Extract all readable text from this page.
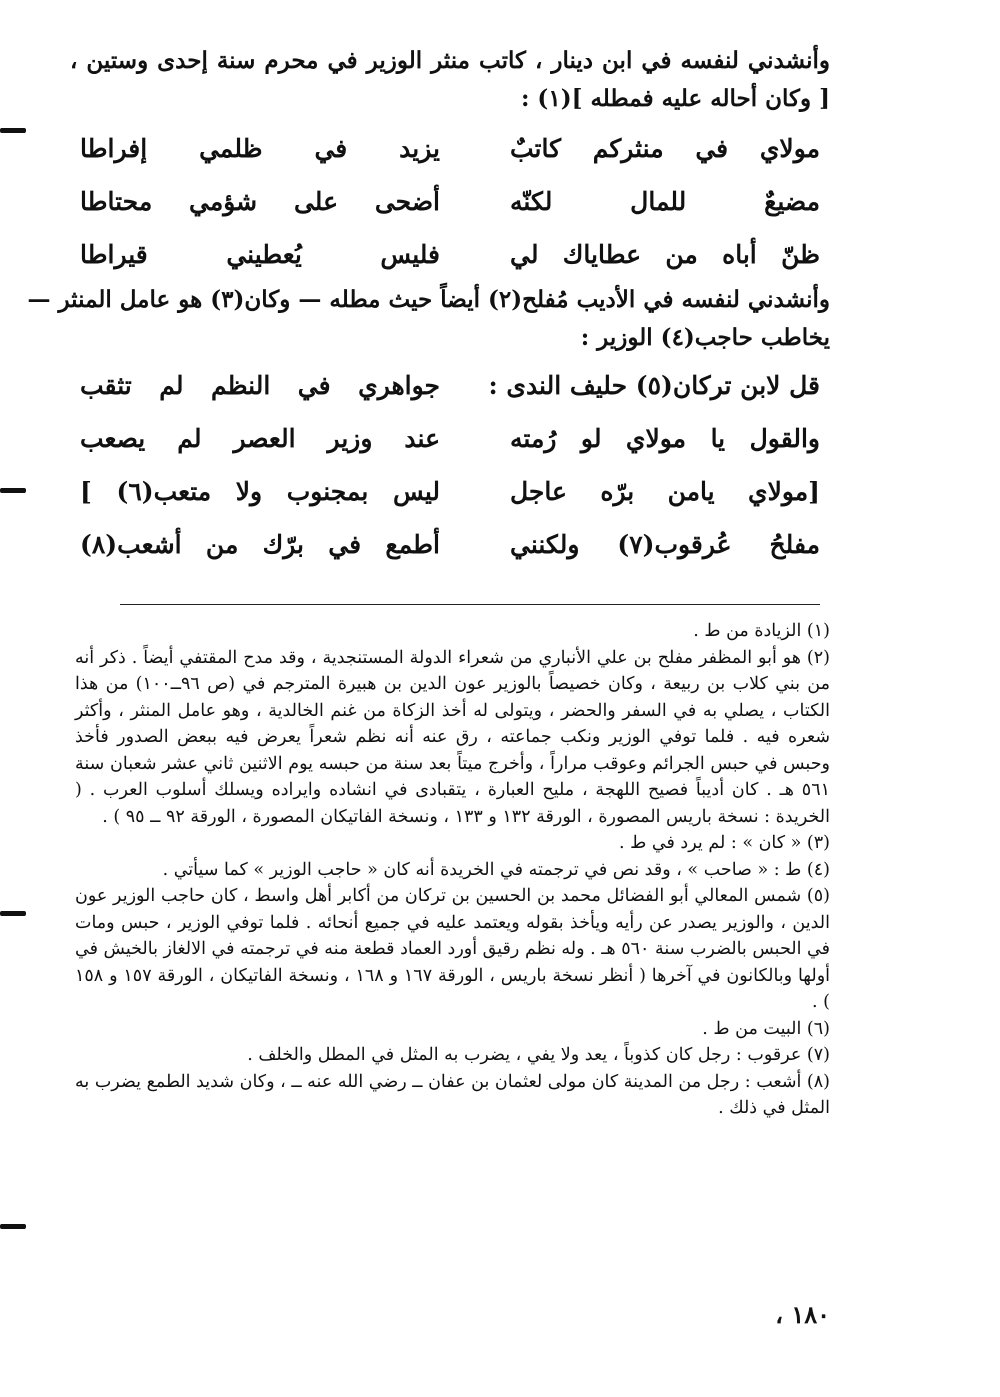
وأنشدني لنفسه في ابن دينار ، كاتب منثر الوزير في محرم سنة إحدى وستين ،
[ وكان أحاله عليه فمطله ](١) :
مولاي في منثركم كاتبٌ
يزيد في ظلمي إفراطا
مضيعٌ للمال لكنّه
أضحى على شؤمي محتاطا
ظنّ أباه من عطاياك لي
فليس يُعطيني قيراطا
وأنشدني لنفسه في الأديب مُفلح(٢) أيضاً حيث مطله — وكان(٣) هو عامل المنثر —
يخاطب حاجب(٤) الوزير :
قل لابن تركان(٥) حليف الندى :
جواهري في النظم لم تثقب
والقول يا مولاي لو رُمته
عند وزير العصر لم يصعب
[مولاي يامن برّه عاجل
ليس بمجنوب ولا متعب(٦) ]
مفلحُ عُرقوب(٧) ولكنني
أطمع في برّك من أشعب(٨)

(١) الزيادة من ط .

(٢) هو أبو المظفر مفلح بن علي الأنباري من شعراء الدولة المستنجدية ، وقد مدح المقتفي أيضاً . ذكر أنه من بني كلاب بن ربيعة ، وكان خصيصاً بالوزير عون الدين بن هبيرة المترجم في (ص ٩٦ــ١٠٠) من هذا الكتاب ، يصلي به في السفر والحضر ، ويتولى له أخذ الزكاة من غنم الخالدية ، وهو عامل المنثر ، وأكثر شعره فيه . فلما توفي الوزير ونكب جماعته ، رق عنه أنه نظم شعراً يعرض فيه ببعض الصدور فأخذ وحبس في حبس الجرائم وعوقب مراراً ، وأخرج ميتاً بعد سنة من حبسه يوم الاثنين ثاني عشر شعبان سنة ٥٦١ هـ . كان أديباً فصيح اللهجة ، مليح العبارة ، يتقبادى في انشاده وايراده ويسلك أسلوب العرب . ( الخريدة : نسخة باريس المصورة ، الورقة ١٣٢ و ١٣٣ ، ونسخة الفاتيكان المصورة ، الورقة ٩٢ ــ ٩٥ ) .

(٣) « كان » : لم يرد في ط .

(٤) ط : « صاحب » ، وقد نص في ترجمته في الخريدة أنه كان « حاجب الوزير » كما سيأتي .

(٥) شمس المعالي أبو الفضائل محمد بن الحسين بن تركان من أكابر أهل واسط ، كان حاجب الوزير عون الدين ، والوزير يصدر عن رأيه ويأخذ بقوله ويعتمد عليه في جميع أنحائه . فلما توفي الوزير ، حبس ومات في الحبس بالضرب سنة ٥٦٠ هـ . وله نظم رقيق أورد العماد قطعة منه في ترجمته في الالغاز بالخيش في أولها وبالكانون في آخرها ( أنظر نسخة باريس ، الورقة ١٦٧ و ١٦٨ ، ونسخة الفاتيكان ، الورقة ١٥٧ و ١٥٨ ) .

(٦) البيت من ط .

(٧) عرقوب : رجل كان كذوباً ، يعد ولا يفي ، يضرب به المثل في المطل والخلف .

(٨) أشعب : رجل من المدينة كان مولى لعثمان بن عفان ــ رضي الله عنه ــ ، وكان شديد الطمع يضرب به المثل في ذلك .

١٨٠ ،
